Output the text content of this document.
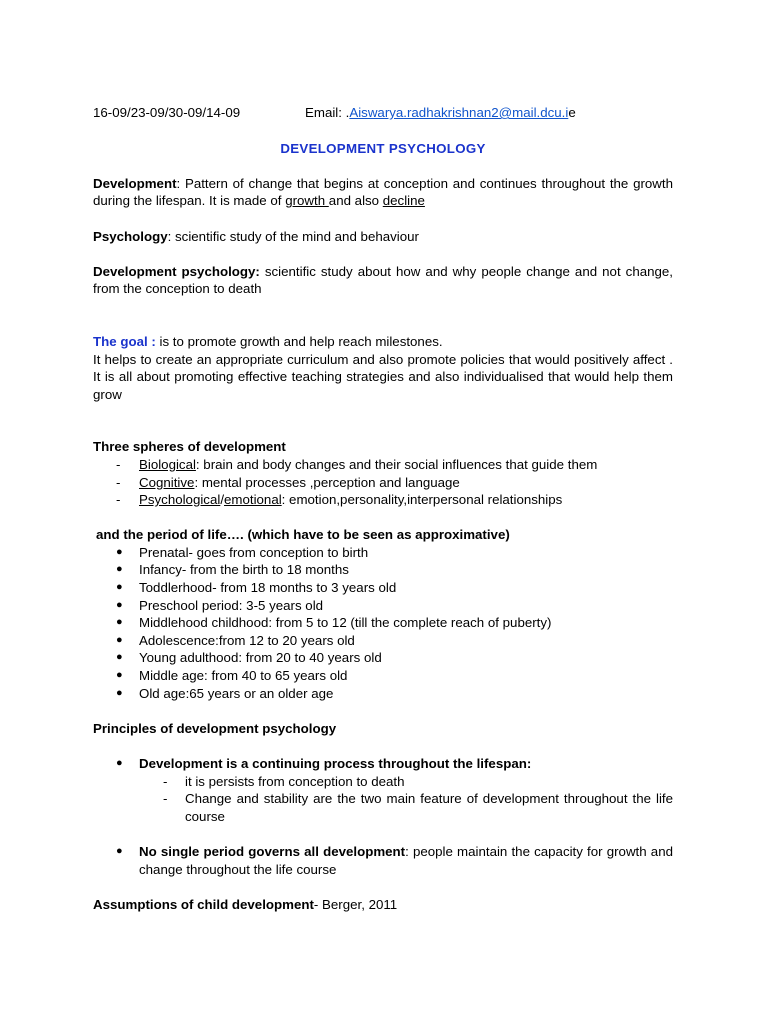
16-09/23-09/30-09/14-09	Email: .Aiswarya.radhakrishnan2@mail.dcu.ie
DEVELOPMENT PSYCHOLOGY

Development: Pattern of change that begins at conception and continues throughout the growth during the lifespan. It is made of growth and also decline

Psychology: scientific study of the mind and behaviour

Development psychology: scientific study about how and why people change and not change, from the conception to death

The goal : is to promote growth and help reach milestones.

It helps to create an appropriate curriculum and also promote policies that would positively affect . It is all about promoting effective teaching strategies and also individualised that would help them grow

Three spheres of development

- Biological: brain and body changes and their social influences that guide them
- Cognitive: mental processes ,perception and language
- Psychological/emotional: emotion,personality,interpersonal relationships

and the period of life…. (which have to be seen as approximative)

● Prenatal- goes from conception to birth
● Infancy- from the birth to 18 months
● Toddlerhood- from 18 months to 3 years old
● Preschool period: 3-5 years old
● Middlehood childhood: from 5 to 12 (till the complete reach of puberty)
● Adolescence:from 12 to 20 years old
● Young adulthood: from 20 to 40 years old
● Middle age: from 40 to 65 years old
● Old age:65 years or an older age

Principles of development psychology

● Development is a continuing process throughout the lifespan:
- it is persists from conception to death
- Change and stability are the two main feature of development throughout the life course
● No single period governs all development: people maintain the capacity for growth and change throughout the life course

Assumptions of child development- Berger, 2011
